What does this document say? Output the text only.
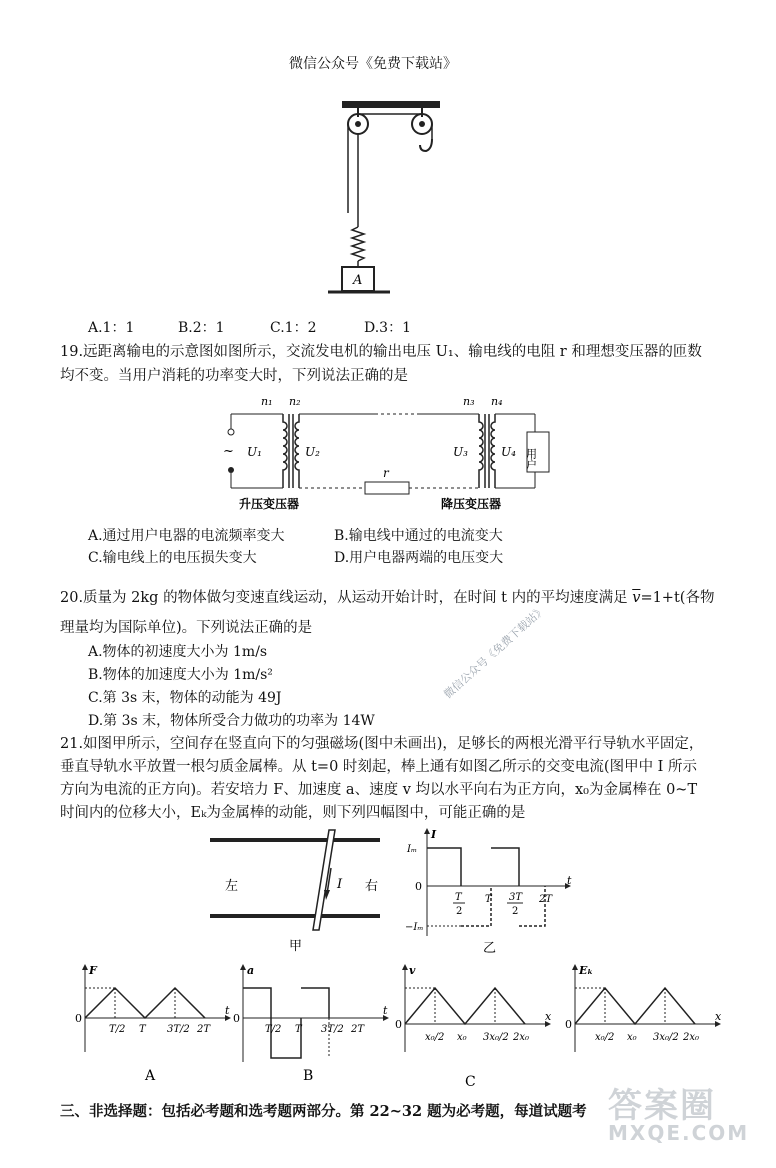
微信公众号《免费下载站》
A
A.1：1	B.2：1	C.1：2	D.3：1
19.远距离输电的示意图如图所示，交流发电机的输出电压 U₁、输电线的电阻 r 和理想变压器的匝数
均不变。当用户消耗的功率变大时，下列说法正确的是
n₁ n₂	n₃ n₄
~ U₁	U₂
r
U₃	U₄ 用户
升压变压器	降压变压器
A.通过用户电器的电流频率变大	B.输电线中通过的电流变大
C.输电线上的电压损失变大	D.用户电器两端的电压变大
20.质量为 2kg 的物体做匀变速直线运动，从运动开始计时，在时间 t 内的平均速度满足 $\overline{v}=1+t$(各物
理量均为国际单位)。下列说法正确的是
A.物体的初速度大小为 1m/s
B.物体的加速度大小为 1m/s²
C.第 3s 末，物体的动能为 49J
D.第 3s 末，物体所受合力做功的功率为 14W
微信公众号《免费下载站》
21.如图甲所示，空间存在竖直向下的匀强磁场(图中未画出)，足够长的两根光滑平行导轨水平固定，
垂直导轨水平放置一根匀质金属棒。从 t=0 时刻起，棒上通有如图乙所示的交变电流(图甲中 I 所示
方向为电流的正方向)。若安培力 F、加速度 a、速度 v 均以水平向右为正方向，x₀为金属棒在 0~T
时间内的位移大小，Eₖ为金属棒的动能，则下列四幅图中，可能正确的是
I
左	右
甲
I
t
0
Iₘ
−Iₘ
T
2
T 3T
2
2T
乙
F
t
0
T/2 T 3T/2 2T
A
a
t
0
T/2 T 3T/2 2T
B
v
x
0
x₀/2 x₀ 3x₀/2 2x₀
C
Eₖ
x
0
x₀/2 x₀ 3x₀/2 2x₀
三、非选择题：包括必考题和选考题两部分。第 22~32 题为必考题，每道试题考 答案圈
MXQE.COM
